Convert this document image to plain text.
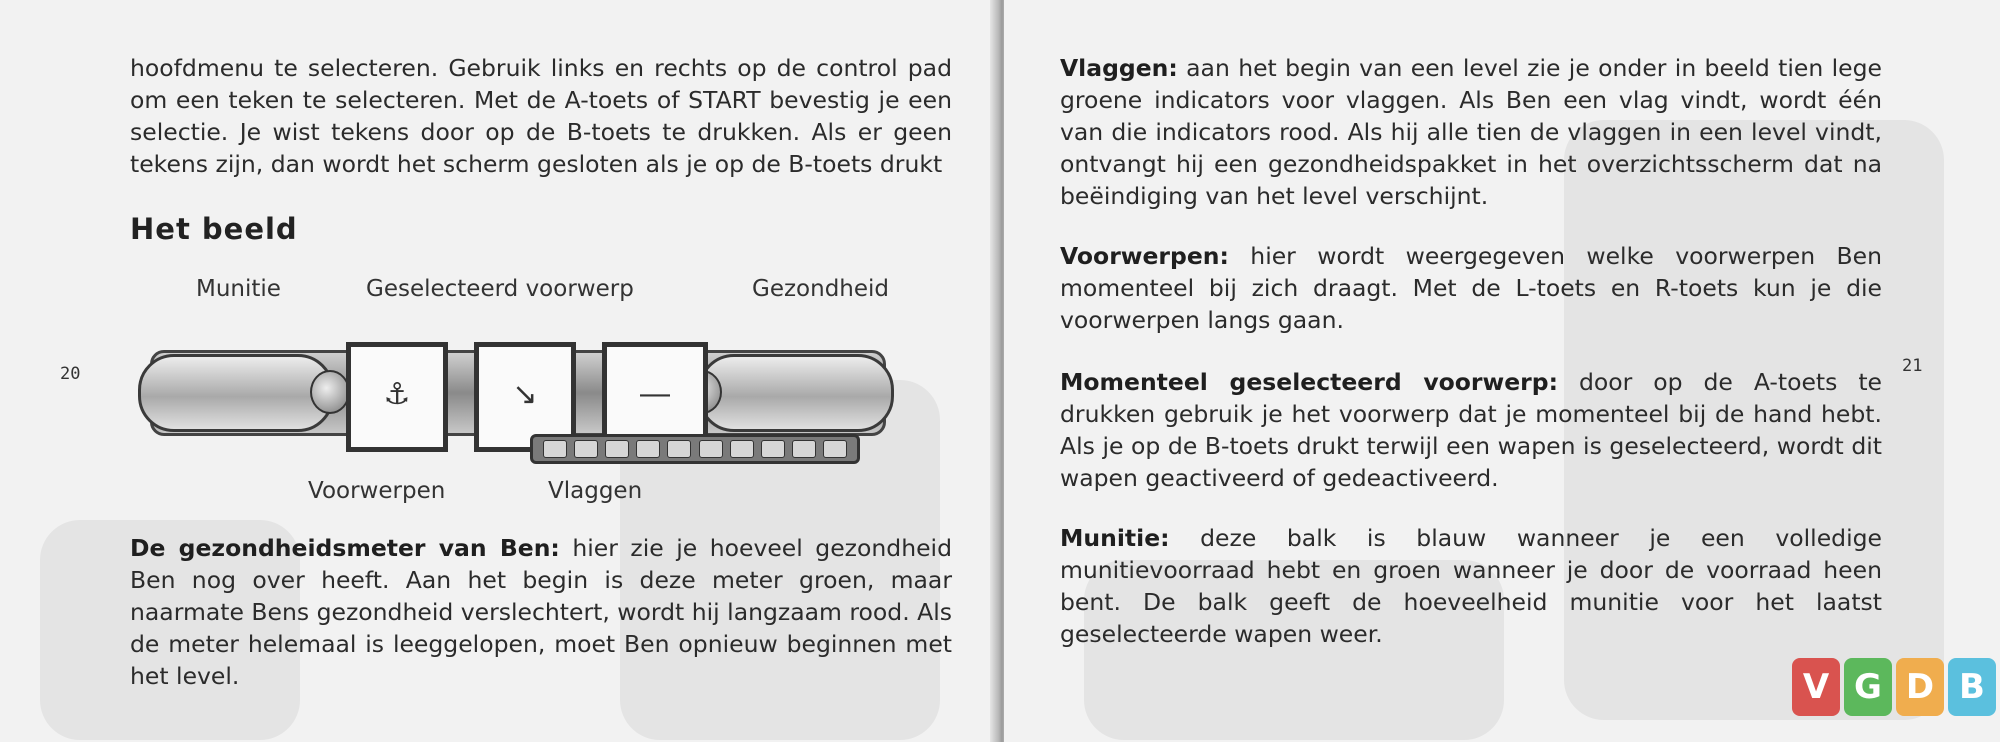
hoofdmenu te selecteren. Gebruik links en rechts op de control pad om een teken te selecteren. Met de A-toets of START bevestig je een selectie. Je wist tekens door op de B-toets te drukken. Als er geen tekens zijn, dan wordt het scherm gesloten als je op de B-toets drukt

Het beeld
Munitie	Geselecteerd voorwerp	Gezondheid
20
⚓	↘	―
Voorwerpen	Vlaggen

De gezondheidsmeter van Ben: hier zie je hoeveel gezondheid Ben nog over heeft. Aan het begin is deze meter groen, maar naarmate Bens gezondheid verslechtert, wordt hij langzaam rood. Als de meter helemaal is leeggelopen, moet Ben opnieuw beginnen met het level.

Vlaggen: aan het begin van een level zie je onder in beeld tien lege groene indicators voor vlaggen. Als Ben een vlag vindt, wordt één van die indicators rood. Als hij alle tien de vlaggen in een level vindt, ontvangt hij een gezondheidspakket in het overzichtsscherm dat na beëindiging van het level verschijnt.

Voorwerpen: hier wordt weergegeven welke voorwerpen Ben momenteel bij zich draagt. Met de L-toets en R-toets kun je die voorwerpen langs gaan.

Momenteel geselecteerd voorwerp: door op de A-toets te drukken gebruik je het voorwerp dat je momenteel bij de hand hebt. Als je op de B-toets drukt terwijl een wapen is geselecteerd, wordt dit wapen geactiveerd of gedeactiveerd.

Munitie: deze balk is blauw wanneer je een volledige munitievoorraad hebt en groen wanneer je door de voorraad heen bent. De balk geeft de hoeveelheid munitie voor het laatst geselecteerde wapen weer.

21
V G D B
